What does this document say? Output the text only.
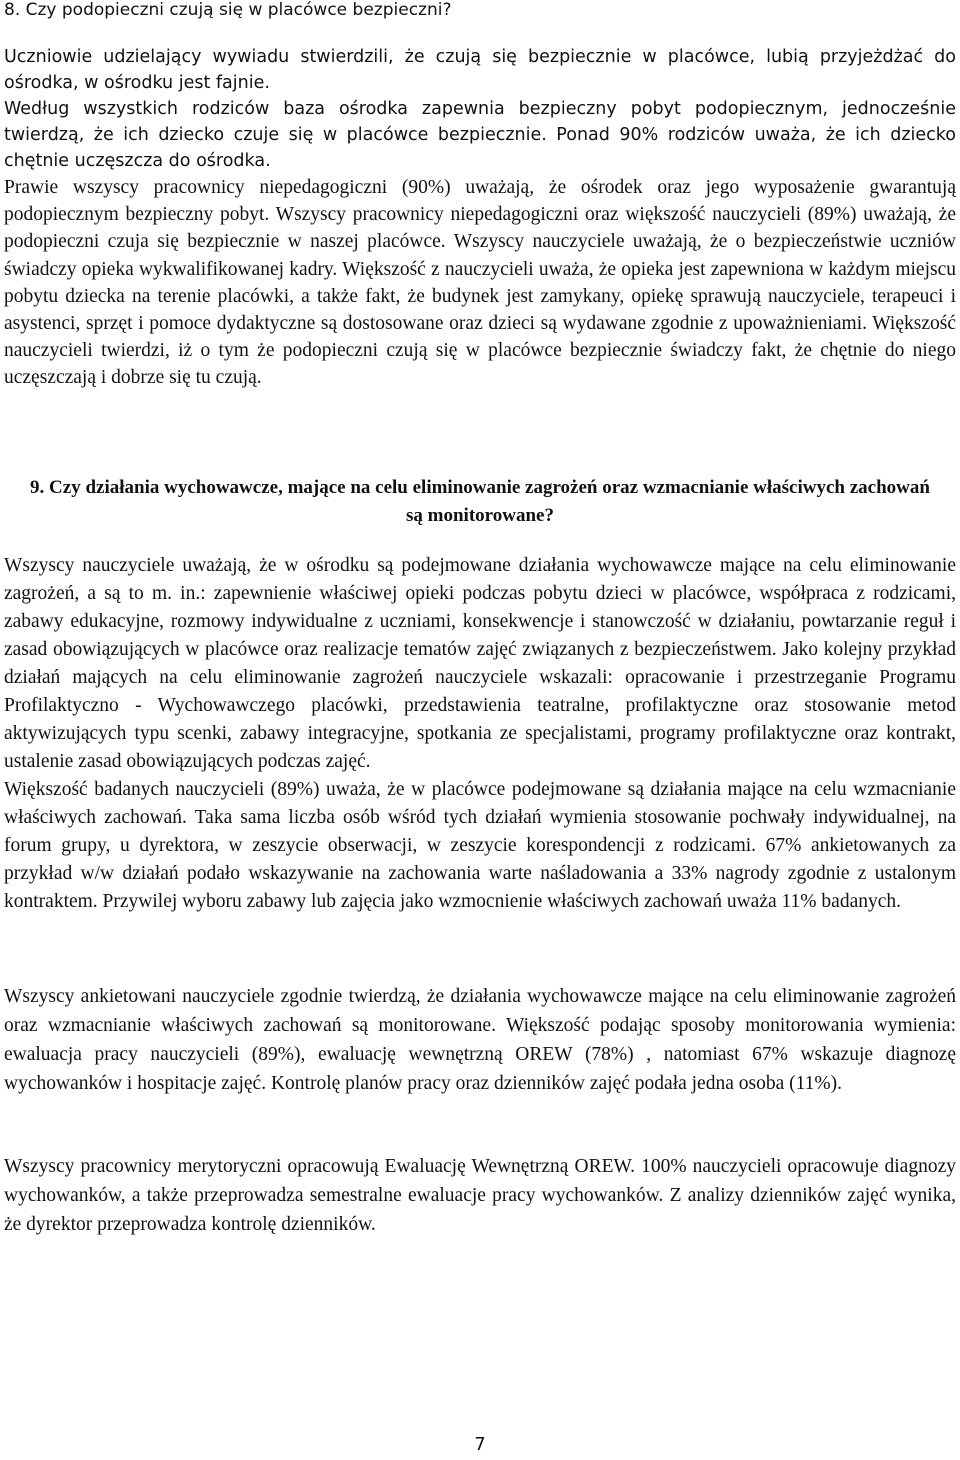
8. Czy podopieczni czują się w placówce bezpieczni?

Uczniowie udzielający wywiadu stwierdzili, że czują się bezpiecznie w placówce, lubią przyjeżdżać do ośrodka, w ośrodku jest fajnie.

Według wszystkich rodziców baza ośrodka zapewnia bezpieczny pobyt podopiecznym, jednocześnie twierdzą, że ich dziecko czuje się w placówce bezpiecznie. Ponad 90% rodziców uważa, że ich dziecko chętnie uczęszcza do ośrodka.

Prawie wszyscy pracownicy niepedagogiczni (90%) uważają, że ośrodek oraz jego wyposażenie gwarantują podopiecznym bezpieczny pobyt. Wszyscy pracownicy niepedagogiczni oraz większość nauczycieli (89%) uważają, że podopieczni czuja się bezpiecznie w naszej placówce. Wszyscy nauczyciele uważają, że o bezpieczeństwie uczniów świadczy opieka wykwalifikowanej kadry. Większość z nauczycieli uważa, że opieka jest zapewniona w każdym miejscu pobytu dziecka na terenie placówki, a także fakt, że budynek jest zamykany, opiekę sprawują nauczyciele, terapeuci i asystenci, sprzęt i pomoce dydaktyczne są dostosowane oraz dzieci są wydawane zgodnie z upoważnieniami. Większość nauczycieli twierdzi, iż o tym że podopieczni czują się w placówce bezpiecznie świadczy fakt, że chętnie do niego uczęszczają i dobrze się tu czują.

9. Czy działania wychowawcze, mające na celu eliminowanie zagrożeń oraz wzmacnianie właściwych zachowań są monitorowane?

Wszyscy nauczyciele uważają, że w ośrodku są podejmowane działania wychowawcze mające na celu eliminowanie zagrożeń, a są to m. in.: zapewnienie właściwej opieki podczas pobytu dzieci w placówce, współpraca z rodzicami, zabawy edukacyjne, rozmowy indywidualne z uczniami, konsekwencje i stanowczość w działaniu, powtarzanie reguł i zasad obowiązujących w placówce oraz realizacje tematów zajęć związanych z bezpieczeństwem. Jako kolejny przykład działań mających na celu eliminowanie zagrożeń nauczyciele wskazali: opracowanie i przestrzeganie Programu Profilaktyczno - Wychowawczego placówki, przedstawienia teatralne, profilaktyczne oraz stosowanie metod aktywizujących typu scenki, zabawy integracyjne, spotkania ze specjalistami, programy profilaktyczne oraz kontrakt, ustalenie zasad obowiązujących podczas zajęć.

Większość badanych nauczycieli (89%) uważa, że w placówce podejmowane są działania mające na celu wzmacnianie właściwych zachowań. Taka sama liczba osób wśród tych działań wymienia stosowanie pochwały indywidualnej, na forum grupy, u dyrektora, w zeszycie obserwacji, w zeszycie korespondencji z rodzicami. 67% ankietowanych za przykład w/w działań podało wskazywanie na zachowania warte naśladowania a 33% nagrody zgodnie z ustalonym kontraktem. Przywilej wyboru zabawy lub zajęcia jako wzmocnienie właściwych zachowań uważa 11% badanych.

Wszyscy ankietowani nauczyciele zgodnie twierdzą, że działania wychowawcze mające na celu eliminowanie zagrożeń oraz wzmacnianie właściwych zachowań są monitorowane. Większość podając sposoby monitorowania wymienia: ewaluacja pracy nauczycieli (89%), ewaluację wewnętrzną OREW (78%) , natomiast 67% wskazuje diagnozę wychowanków i hospitacje zajęć. Kontrolę planów pracy oraz dzienników zajęć podała jedna osoba (11%).

Wszyscy pracownicy merytoryczni opracowują Ewaluację Wewnętrzną OREW. 100% nauczycieli opracowuje diagnozy wychowanków, a także przeprowadza semestralne ewaluacje pracy wychowanków. Z analizy dzienników zajęć wynika, że dyrektor przeprowadza kontrolę dzienników.

7
